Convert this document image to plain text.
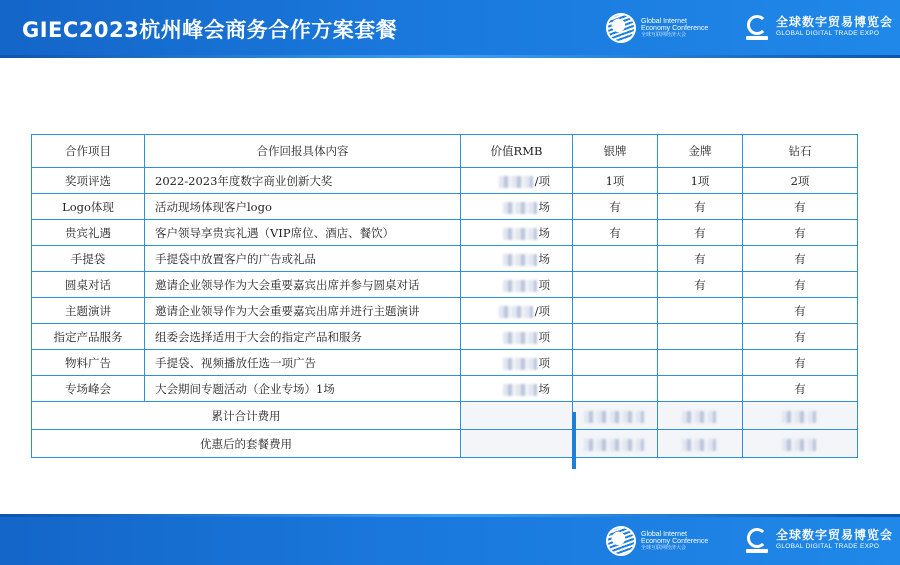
GIEC2023杭州峰会商务合作方案套餐	Global Internet
Economy Conference
全球互联网经济大会
全球数字贸易博览会
GLOBAL DIGITAL TRADE EXPO
合作项目	合作回报具体内容	价值RMB	银牌	金牌	钻石
奖项评选	2022-2023年度数字商业创新大奖	/项	1项	1项	2项
Logo体现	活动现场体现客户logo	场	有	有	有
贵宾礼遇	客户领导享贵宾礼遇（VIP席位、酒店、餐饮）	场	有	有	有
手提袋	手提袋中放置客户的广告或礼品	场		有	有
圆桌对话	邀请企业领导作为大会重要嘉宾出席并参与圆桌对话	项		有	有
主题演讲	邀请企业领导作为大会重要嘉宾出席并进行主题演讲	/项			有
指定产品服务	组委会选择适用于大会的指定产品和服务	项			有
物料广告	手提袋、视频播放任选一项广告	项			有
专场峰会	大会期间专题活动（企业专场）1场	场			有
累计合计费用					
优惠后的套餐费用					
Global Internet
Economy Conference
全球互联网经济大会
全球数字贸易博览会
GLOBAL DIGITAL TRADE EXPO
